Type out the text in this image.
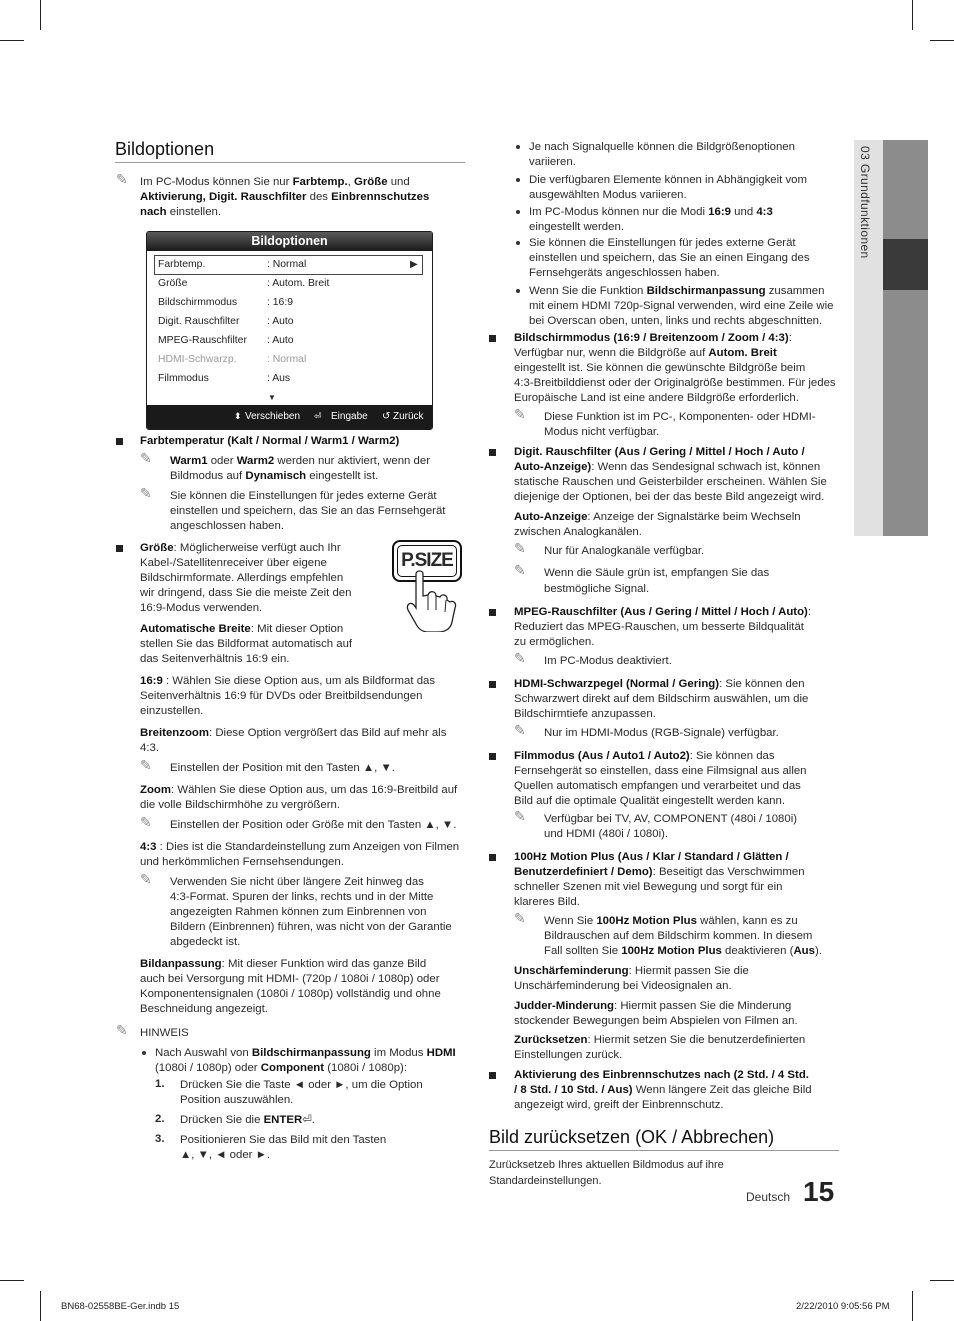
Bildoptionen
✎ Im PC-Modus können Sie nur Farbtemp., Größe und
Aktivierung, Digit. Rauschfilter des Einbrennschutzes
nach einstellen.
Bildoptionen
▶
Farbtemp.	: Normal
Größe	: Autom. Breit
Bildschirmmodus	: 16:9
Digit. Rauschfilter	: Auto
MPEG-Rauschfilter : Auto
HDMI-Schwarzp.	: Normal
Filmmodus	: Aus
▼
⬍ Verschieben ⏎ Eingabe ↺ Zurück
P.SIZE
Farbtemperatur (Kalt / Normal / Warm1 / Warm2)
Warm1 oder Warm2 werden nur aktiviert, wenn der
✎
Bildmodus auf Dynamisch eingestellt ist.
Sie können die Einstellungen für jedes externe Gerät
✎
einstellen und speichern, das Sie an das Fernsehgerät
angeschlossen haben.
Größe: Möglicherweise verfügt auch Ihr
Kabel-/Satellitenreceiver über eigene
Bildschirmformate. Allerdings empfehlen
wir dringend, dass Sie die meiste Zeit den
16:9-Modus verwenden.
Automatische Breite: Mit dieser Option
stellen Sie das Bildformat automatisch auf
das Seitenverhältnis 16:9 ein.
16:9 : Wählen Sie diese Option aus, um als Bildformat das
Seitenverhältnis 16:9 für DVDs oder Breitbildsendungen
einzustellen.
Breitenzoom: Diese Option vergrößert das Bild auf mehr als
4:3.
Einstellen der Position mit den Tasten ▲, ▼.
✎
Zoom: Wählen Sie diese Option aus, um das 16:9-Breitbild auf
die volle Bildschirmhöhe zu vergrößern.
Einstellen der Position oder Größe mit den Tasten ▲, ▼.
✎
4:3 : Dies ist die Standardeinstellung zum Anzeigen von Filmen
und herkömmlichen Fernsehsendungen.
Verwenden Sie nicht über längere Zeit hinweg das
✎
4:3-Format. Spuren der links, rechts und in der Mitte
angezeigten Rahmen können zum Einbrennen von
Bildern (Einbrennen) führen, was nicht von der Garantie
abgedeckt ist.
Bildanpassung: Mit dieser Funktion wird das ganze Bild
auch bei Versorgung mit HDMI- (720p / 1080i / 1080p) oder
Komponentensignalen (1080i / 1080p) vollständig und ohne
Beschneidung angezeigt.
HINWEIS
✎
Nach Auswahl von Bildschirmanpassung im Modus HDMI
(1080i / 1080p) oder Component (1080i / 1080p):
Drücken Sie die Taste ◄ oder ►, um die Option
1.
Position auszuwählen.
Drücken Sie die ENTER⏎.
2.
Positionieren Sie das Bild mit den Tasten
3.
▲, ▼, ◄ oder ►.
Je nach Signalquelle können die Bildgrößenoptionen
variieren.
Die verfügbaren Elemente können in Abhängigkeit vom
ausgewählten Modus variieren.
Im PC-Modus können nur die Modi 16:9 und 4:3
eingestellt werden.
Sie können die Einstellungen für jedes externe Gerät
einstellen und speichern, das Sie an einen Eingang des
Fernsehgeräts angeschlossen haben.
Wenn Sie die Funktion Bildschirmanpassung zusammen
mit einem HDMI 720p-Signal verwenden, wird eine Zeile wie
bei Overscan oben, unten, links und rechts abgeschnitten.
Bildschirmmodus (16:9 / Breitenzoom / Zoom / 4:3):
Verfügbar nur, wenn die Bildgröße auf Autom. Breit
eingestellt ist. Sie können die gewünschte Bildgröße beim
4:3-Breitbilddienst oder der Originalgröße bestimmen. Für jedes
Europäische Land ist eine andere Bildgröße erforderlich.
Diese Funktion ist im PC-, Komponenten- oder HDMI-
✎
Modus nicht verfügbar.
Digit. Rauschfilter (Aus / Gering / Mittel / Hoch / Auto /
Auto-Anzeige): Wenn das Sendesignal schwach ist, können
statische Rauschen und Geisterbilder erscheinen. Wählen Sie
diejenige der Optionen, bei der das beste Bild angezeigt wird.
Auto-Anzeige: Anzeige der Signalstärke beim Wechseln
zwischen Analogkanälen.
Nur für Analogkanäle verfügbar.
✎
Wenn die Säule grün ist, empfangen Sie das
✎
bestmögliche Signal.
MPEG-Rauschfilter (Aus / Gering / Mittel / Hoch / Auto):
Reduziert das MPEG-Rauschen, um besserte Bildqualität
zu ermöglichen.
Im PC-Modus deaktiviert.
✎
HDMI-Schwarzpegel (Normal / Gering): Sie können den
Schwarzwert direkt auf dem Bildschirm auswählen, um die
Bildschirmtiefe anzupassen.
Nur im HDMI-Modus (RGB-Signale) verfügbar.
✎
Filmmodus (Aus / Auto1 / Auto2): Sie können das
Fernsehgerät so einstellen, dass eine Filmsignal aus allen
Quellen automatisch empfangen und verarbeitet und das
Bild auf die optimale Qualität eingestellt werden kann.
Verfügbar bei TV, AV, COMPONENT (480i / 1080i)
✎
und HDMI (480i / 1080i).
100Hz Motion Plus (Aus / Klar / Standard / Glätten /
Benutzerdefiniert / Demo): Beseitigt das Verschwimmen
schneller Szenen mit viel Bewegung und sorgt für ein
klareres Bild.
Wenn Sie 100Hz Motion Plus wählen, kann es zu
✎
Bildrauschen auf dem Bildschirm kommen. In diesem
Fall sollten Sie 100Hz Motion Plus deaktivieren (Aus).
Unschärfeminderung: Hiermit passen Sie die
Unschärfeminderung bei Videosignalen an.
Judder-Minderung: Hiermit passen Sie die Minderung
stockender Bewegungen beim Abspielen von Filmen an.
Zurücksetzen: Hiermit setzen Sie die benutzerdefinierten
Einstellungen zurück.
Aktivierung des Einbrennschutzes nach (2 Std. / 4 Std.
/ 8 Std. / 10 Std. / Aus) Wenn längere Zeit das gleiche Bild
angezeigt wird, greift der Einbrennschutz.
Bild zurücksetzen (OK / Abbrechen)
Zurücksetzeb Ihres aktuellen Bildmodus auf ihre
Standardeinstellungen.
03 Grundfunktionen
Deutsch 15
BN68-02558BE-Ger.indb 15	2/22/2010 9:05:56 PM
